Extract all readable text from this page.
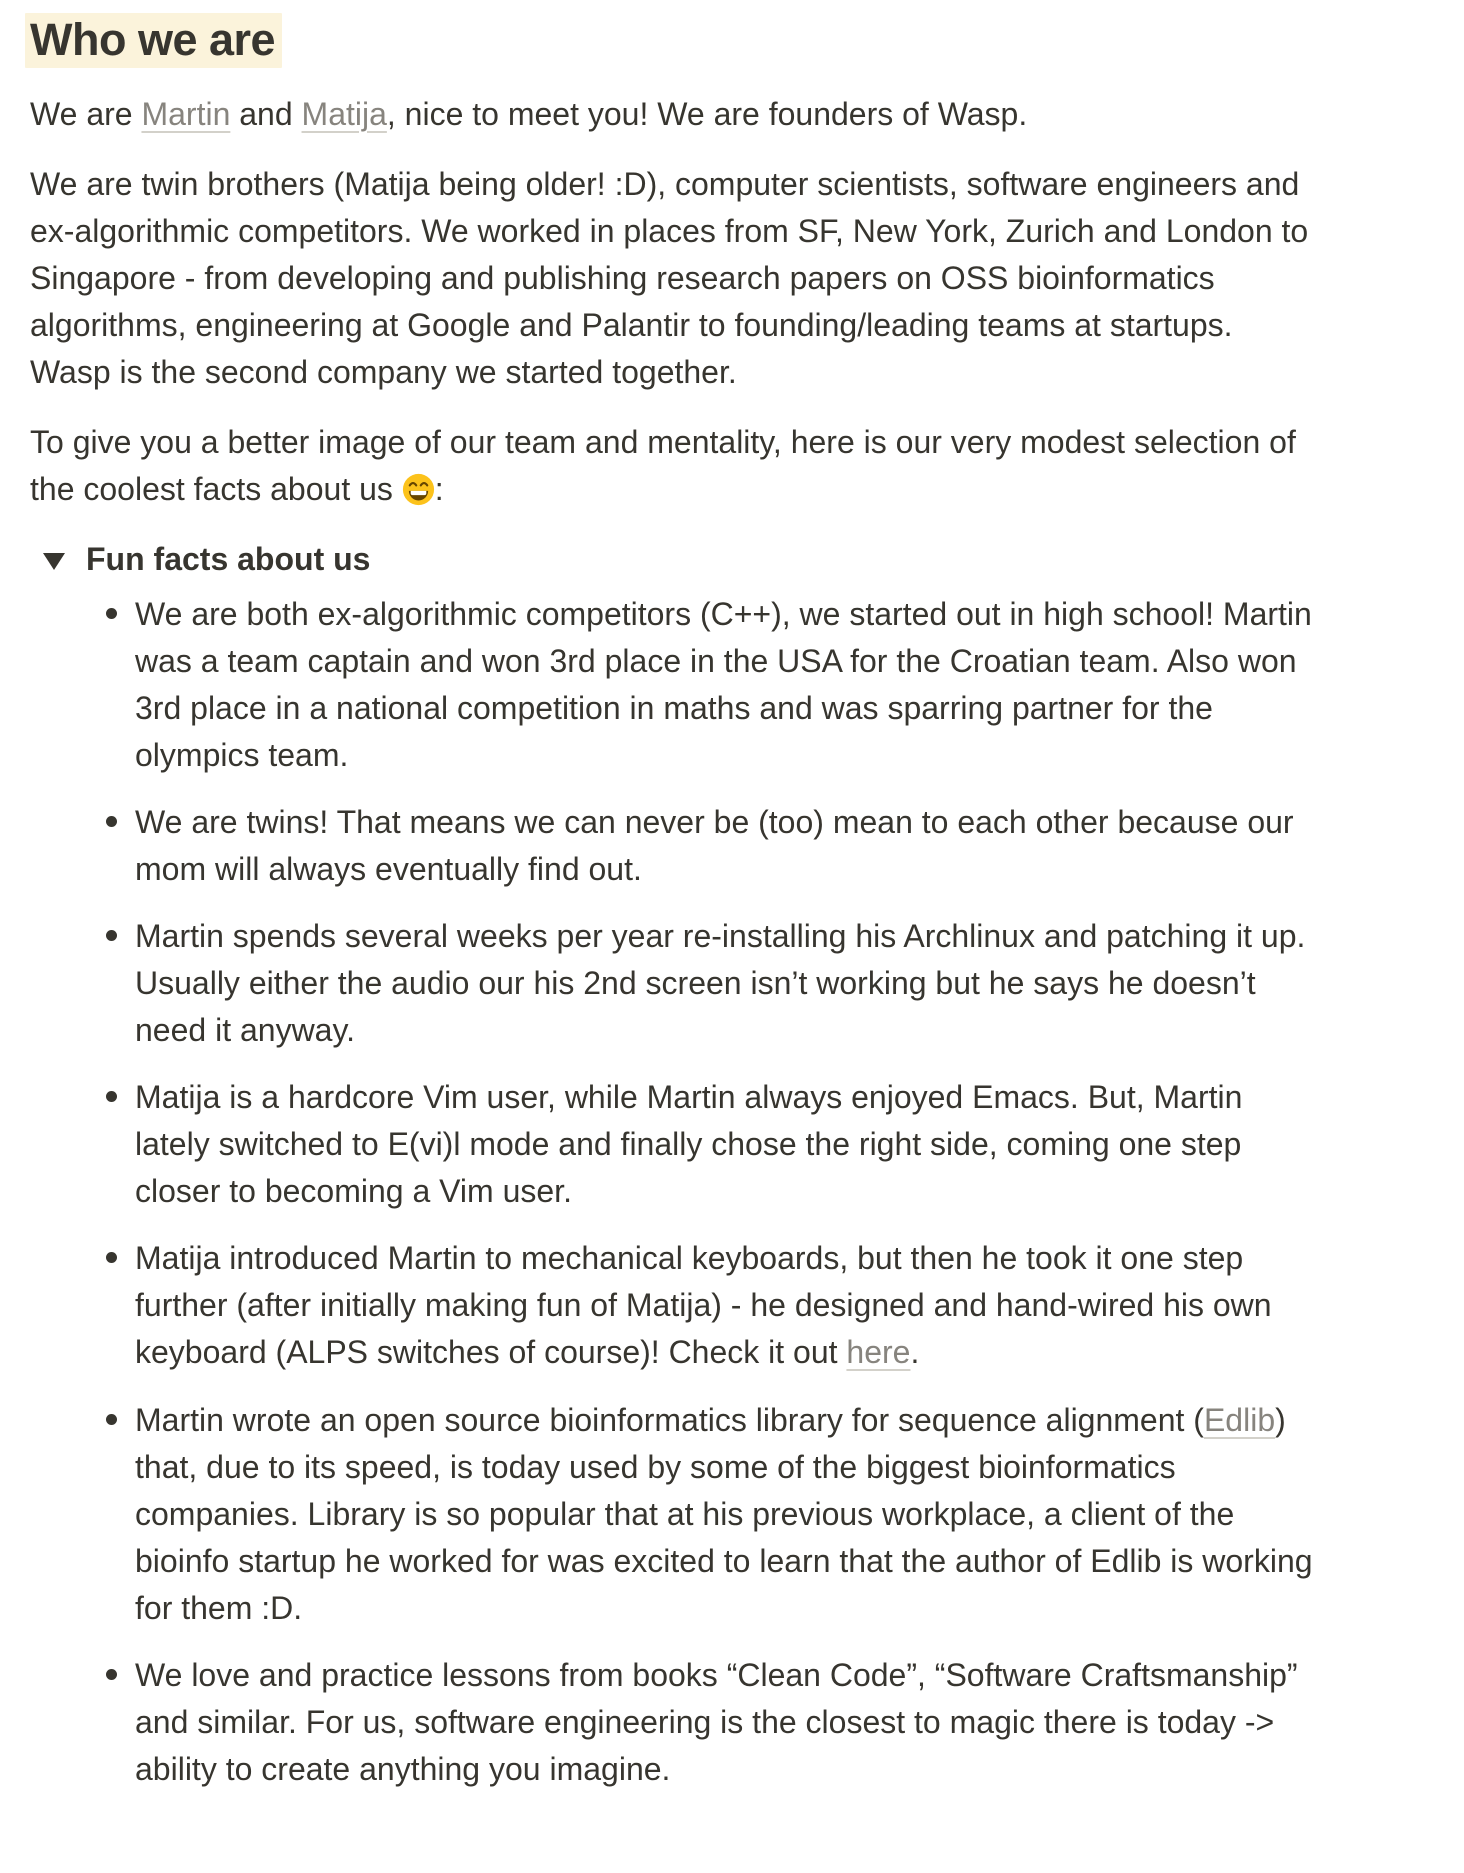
Who we are

We are Martin and Matija, nice to meet you! We are founders of Wasp.

We are twin brothers (Matija being older! :D), computer scientists, software engineers and ex-algorithmic competitors. We worked in places from SF, New York, Zurich and London to Singapore - from developing and publishing research papers on OSS bioinformatics algorithms, engineering at Google and Palantir to founding/leading teams at startups. Wasp is the second company we started together.

To give you a better image of our team and mentality, here is our very modest selection of the coolest facts about us :

Fun facts about us
We are both ex-algorithmic competitors (C++), we started out in high school! Martin was a team captain and won 3rd place in the USA for the Croatian team. Also won 3rd place in a national competition in maths and was sparring partner for the olympics team.
We are twins! That means we can never be (too) mean to each other because our mom will always eventually find out.
Martin spends several weeks per year re-installing his Archlinux and patching it up. Usually either the audio our his 2nd screen isn’t working but he says he doesn’t need it anyway.
Matija is a hardcore Vim user, while Martin always enjoyed Emacs. But, Martin lately switched to E(vi)l mode and finally chose the right side, coming one step closer to becoming a Vim user.
Matija introduced Martin to mechanical keyboards, but then he took it one step further (after initially making fun of Matija) - he designed and hand-wired his own keyboard (ALPS switches of course)! Check it out here.
Martin wrote an open source bioinformatics library for sequence alignment (Edlib) that, due to its speed, is today used by some of the biggest bioinformatics companies. Library is so popular that at his previous workplace, a client of the bioinfo startup he worked for was excited to learn that the author of Edlib is working for them :D.
We love and practice lessons from books “Clean Code”, “Software Craftsmanship” and similar. For us, software engineering is the closest to magic there is today -> ability to create anything you imagine.
